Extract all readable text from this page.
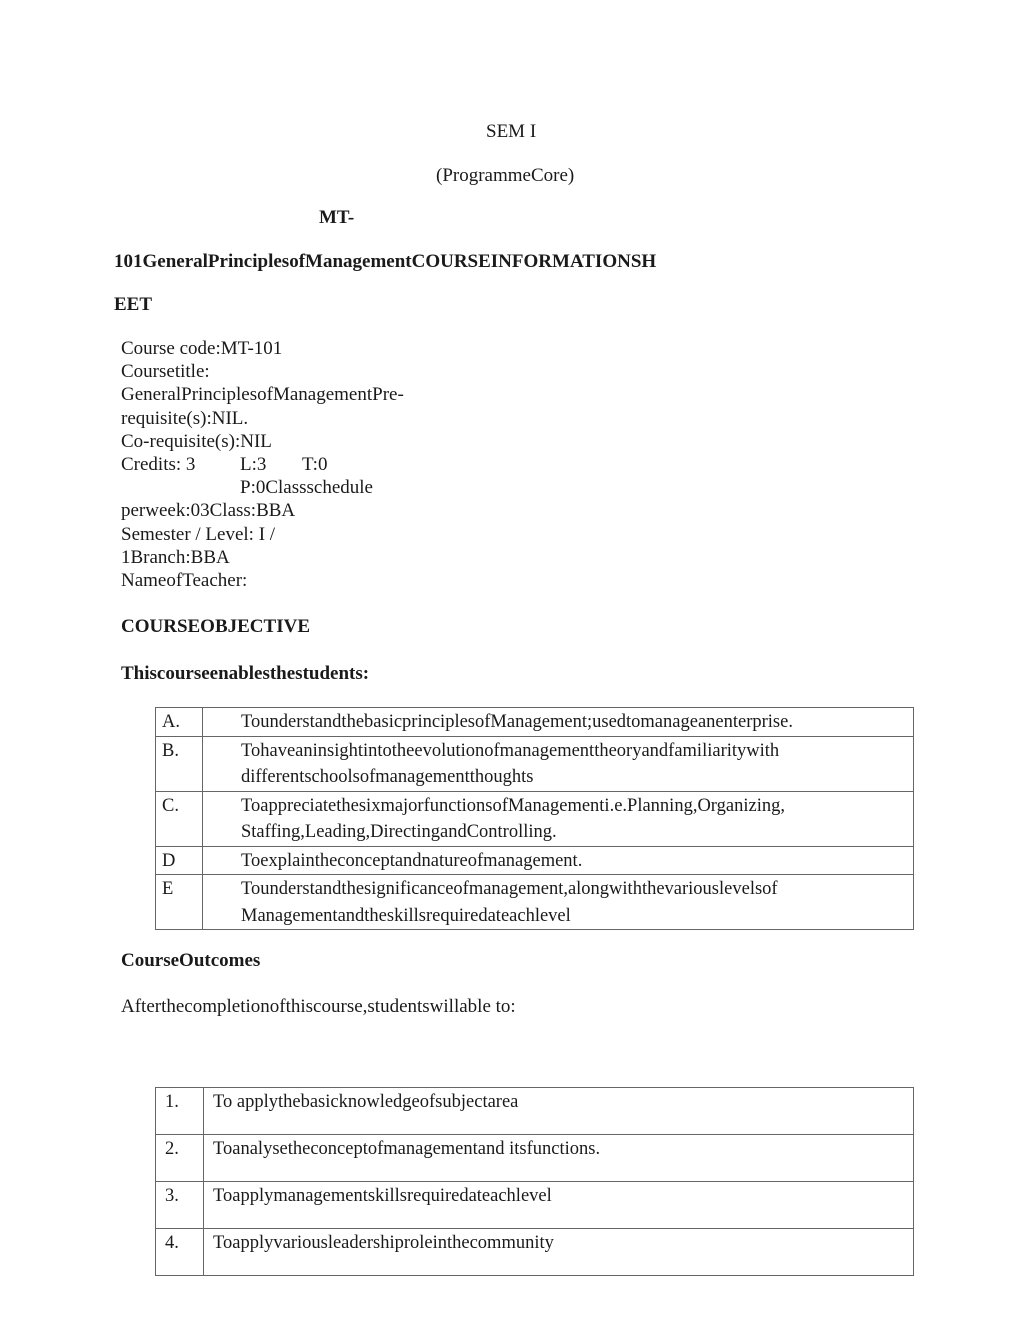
SEM I
(ProgrammeCore)
MT-
101GeneralPrinciplesofManagementCOURSEINFORMATIONSH
EET
Course code:MT-101
Coursetitle:
GeneralPrinciplesofManagementPre-
requisite(s):NIL.
Co-requisite(s):NIL
Credits: 3 L:3 T:0
P:0Classschedule
perweek:03Class:BBA
Semester / Level: I /
1Branch:BBA
NameofTeacher:
COURSEOBJECTIVE
Thiscourseenablesthestudents:
A.	TounderstandthebasicprinciplesofManagement;usedtomanageanenterprise.

B.	Tohaveaninsightintotheevolutionofmanagementtheoryandfamiliaritywith
differentschoolsofmanagementthoughts

C.	ToappreciatethesixmajorfunctionsofManagementi.e.Planning,Organizing,
Staffing,Leading,DirectingandControlling.

D	Toexplaintheconceptandnatureofmanagement.

E	Tounderstandthesignificanceofmanagement,alongwiththevariouslevelsof
Managementandtheskillsrequiredateachlevel
CourseOutcomes
Afterthecompletionofthiscourse,studentswillable to:
1.	To applythebasicknowledgeofsubjectarea
2.	Toanalysetheconceptofmanagementand itsfunctions.
3.	Toapplymanagementskillsrequiredateachlevel
4.	Toapplyvariousleadershiproleinthecommunity
